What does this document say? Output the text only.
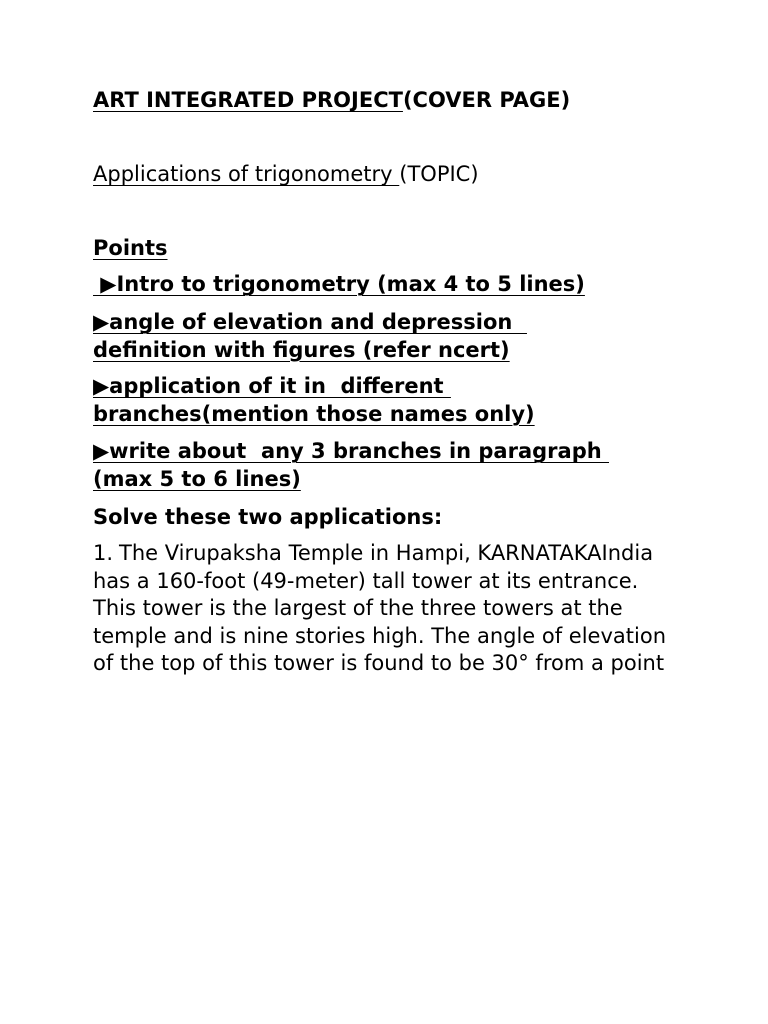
ART INTEGRATED PROJECT(COVER PAGE)
Applications of trigonometry (TOPIC)
Points
▶Intro to trigonometry (max 4 to 5 lines)
▶angle of elevation and depression
definition with figures (refer ncert)
▶application of it in  different
branches(mention those names only)
▶write about  any 3 branches in paragraph
(max 5 to 6 lines)
Solve these two applications:
1. The Virupaksha Temple in Hampi, KARNATAKAIndia has a 160-foot (49-meter) tall tower at its entrance. This tower is the largest of the three towers at the temple and is nine stories high. The angle of elevation of the top of this tower is found to be 30° from a point
